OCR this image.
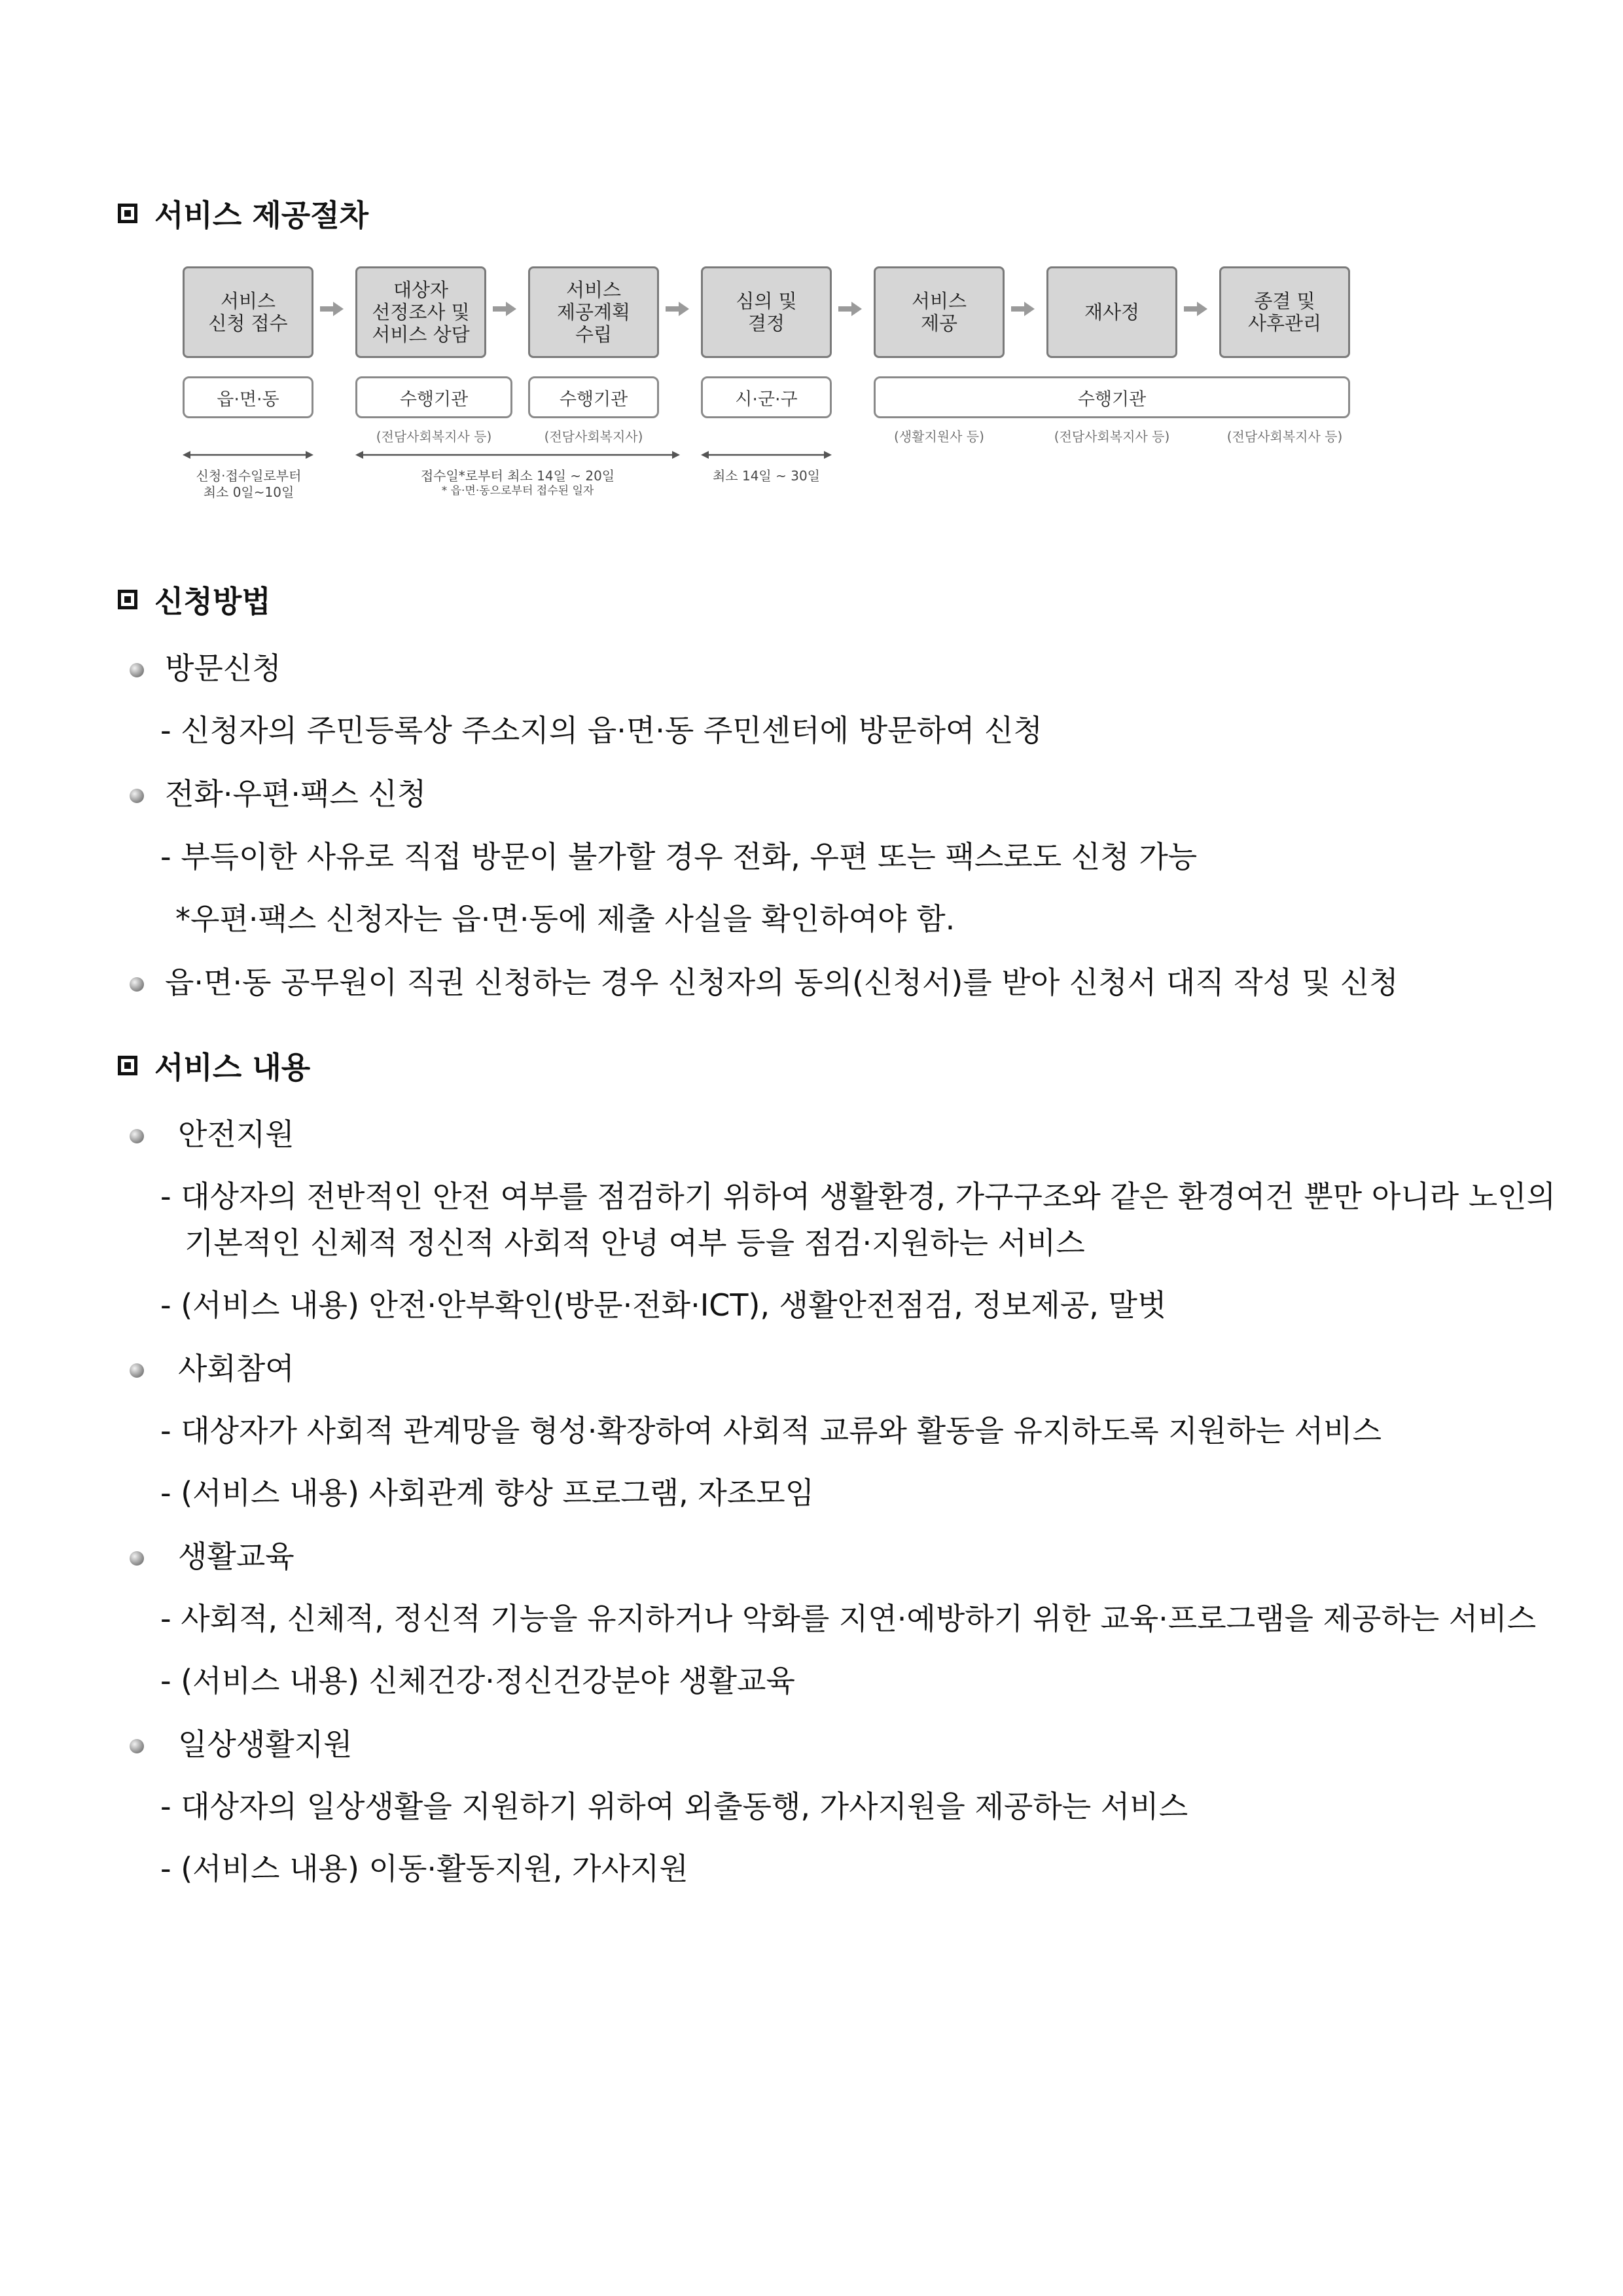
서비스 제공절차
서비스
신청 접수
대상자
선정조사 및
서비스 상담
서비스
제공계획
수립
심의 및
결정
서비스
제공
재사정
종결 및
사후관리
읍·면·동	수행기관	수행기관	시·군·구	수행기관
(전담사회복지사 등)	(전담사회복지사)	(생활지원사 등)	(전담사회복지사 등)	(전담사회복지사 등)
신청·접수일로부터
최소 0일~10일
접수일*로부터 최소 14일 ~ 20일
* 읍·면·동으로부터 접수된 일자
최소 14일 ~ 30일
신청방법
방문신청
- 신청자의 주민등록상 주소지의 읍·면·동 주민센터에 방문하여 신청
전화·우편·팩스 신청
- 부득이한 사유로 직접 방문이 불가할 경우 전화, 우편 또는 팩스로도 신청 가능
*우편·팩스 신청자는 읍·면·동에 제출 사실을 확인하여야 함.
읍·면·동 공무원이 직권 신청하는 경우 신청자의 동의(신청서)를 받아 신청서 대직 작성 및 신청
서비스 내용
안전지원
- 대상자의 전반적인 안전 여부를 점검하기 위하여 생활환경, 가구구조와 같은 환경여건 뿐만 아니라 노인의
기본적인 신체적 정신적 사회적 안녕 여부 등을 점검·지원하는 서비스
- (서비스 내용) 안전·안부확인(방문·전화·ICT), 생활안전점검, 정보제공, 말벗
사회참여
- 대상자가 사회적 관계망을 형성·확장하여 사회적 교류와 활동을 유지하도록 지원하는 서비스
- (서비스 내용) 사회관계 향상 프로그램, 자조모임
생활교육
- 사회적, 신체적, 정신적 기능을 유지하거나 악화를 지연·예방하기 위한 교육·프로그램을 제공하는 서비스
- (서비스 내용) 신체건강·정신건강분야 생활교육
일상생활지원
- 대상자의 일상생활을 지원하기 위하여 외출동행, 가사지원을 제공하는 서비스
- (서비스 내용) 이동·활동지원, 가사지원
